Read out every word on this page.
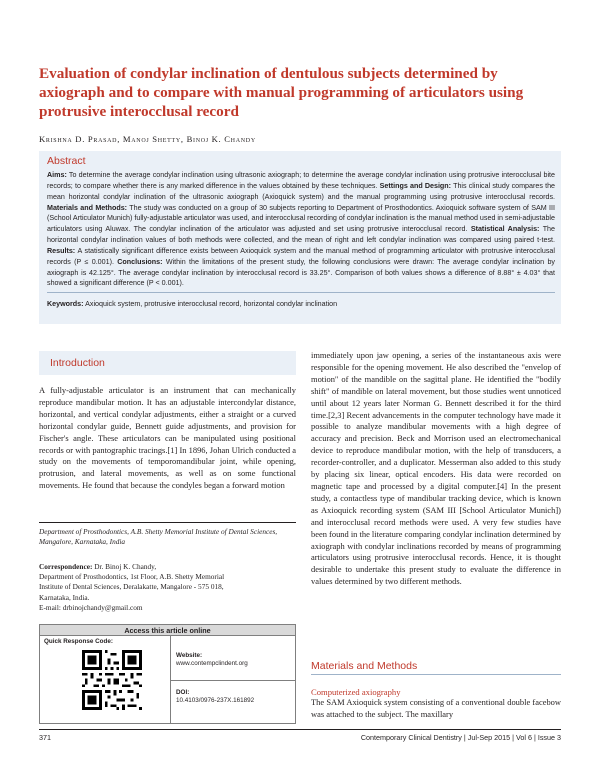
Evaluation of condylar inclination of dentulous subjects determined by axiograph and to compare with manual programming of articulators using protrusive interocclusal record
Krishna D. Prasad, Manoj Shetty, Binoj K. Chandy
Abstract
Aims: To determine the average condylar inclination using ultrasonic axiograph; to determine the average condylar inclination using protrusive interocclusal bite records; to compare whether there is any marked difference in the values obtained by these techniques. Settings and Design: This clinical study compares the mean horizontal condylar inclination of the ultrasonic axiograph (Axioquick system) and the manual programming using protrusive interocclusal records. Materials and Methods: The study was conducted on a group of 30 subjects reporting to Department of Prosthodontics. Axioquick software system of SAM III (School Articulator Munich) fully-adjustable articulator was used, and interocclusal recording of condylar inclination is the manual method used in semi-adjustable articulators using Aluwax. The condylar inclination of the articulator was adjusted and set using protrusive interocclusal record. Statistical Analysis: The horizontal condylar inclination values of both methods were collected, and the mean of right and left condylar inclination was compared using paired t-test. Results: A statistically significant difference exists between Axioquick system and the manual method of programming articulator with protrusive interocclusal records (P ≤ 0.001). Conclusions: Within the limitations of the present study, the following conclusions were drawn: The average condylar inclination by axiograph is 42.125°. The average condylar inclination by interocclusal record is 33.25°. Comparison of both values shows a difference of 8.88° ± 4.03° that showed a significant difference (P < 0.001).
Keywords: Axioquick system, protrusive interocclusal record, horizontal condylar inclination
Introduction
A fully-adjustable articulator is an instrument that can mechanically reproduce mandibular motion. It has an adjustable intercondylar distance, horizontal, and vertical condylar adjustments, either a straight or a curved horizontal condylar guide, Bennett guide adjustments, and provision for Fischer's angle. These articulators can be manipulated using positional records or with pantographic tracings.[1] In 1896, Johan Ulrich conducted a study on the movements of temporomandibular joint, while opening, protrusion, and lateral movements, as well as on some functional movements. He found that because the condyles began a forward motion
immediately upon jaw opening, a series of the instantaneous axis were responsible for the opening movement. He also described the "envelop of motion" of the mandible on the sagittal plane. He identified the "bodily shift" of mandible on lateral movement, but those studies went unnoticed until about 12 years later Norman G. Bennett described it for the third time.[2,3] Recent advancements in the computer technology have made it possible to analyze mandibular movements with a high degree of accuracy and precision. Beck and Morrison used an electromechanical device to reproduce mandibular motion, with the help of transducers, a recorder-controller, and a duplicator. Messerman also added to this study by placing six linear, optical encoders. His data were recorded on magnetic tape and processed by a digital computer.[4] In the present study, a contactless type of mandibular tracking device, which is known as Axioquick recording system (SAM III [School Articulator Munich]) and interocclusal record methods were used. A very few studies have been found in the literature comparing condylar inclination determined by axiograph with condylar inclinations recorded by means of programming articulators using protrusive interocclusal records. Hence, it is thought desirable to undertake this present study to evaluate the difference in values determined by two different methods.
Department of Prosthodontics, A.B. Shetty Memorial Institute of Dental Sciences, Mangalore, Karnataka, India
Correspondence: Dr. Binoj K. Chandy,
Department of Prosthodontics, 1st Floor, A.B. Shetty Memorial
Institute of Dental Sciences, Deralakatte, Mangalore - 575 018,
Karnataka, India.
E-mail: drbinojchandy@gmail.com
Access this article online
Quick Response Code:
Website:
www.contempclindent.org
DOI:
10.4103/0976-237X.161892
Materials and Methods
Computerized axiography
The SAM Axioquick system consisting of a conventional double facebow was attached to the subject. The maxillary
371	Contemporary Clinical Dentistry | Jul-Sep 2015 | Vol 6 | Issue 3
